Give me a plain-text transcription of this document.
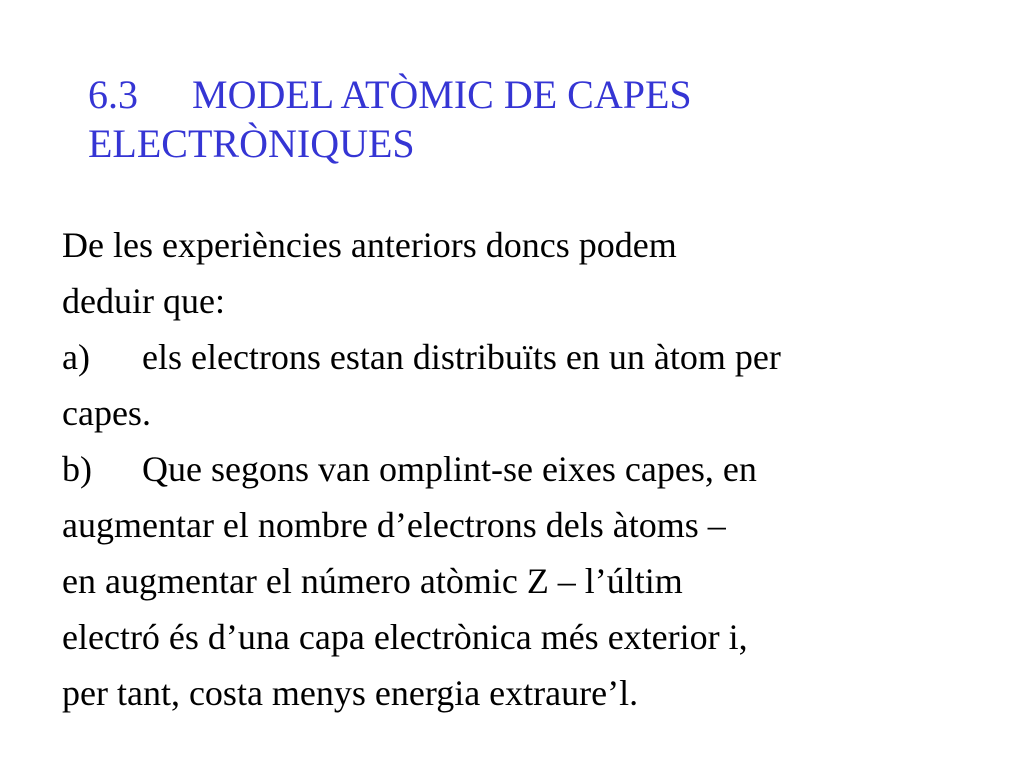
6.3 MODEL ATÒMIC DE CAPES
ELECTRÒNIQUES
De les experiències anteriors doncs podem
deduir que:
a) els electrons estan distribuïts en un àtom per
capes.
b) Que segons van omplint-se eixes capes, en
augmentar el nombre d’electrons dels àtoms –
en augmentar el número atòmic Z – l’últim
electró és d’una capa electrònica més exterior i,
per tant, costa menys energia extraure’l.
